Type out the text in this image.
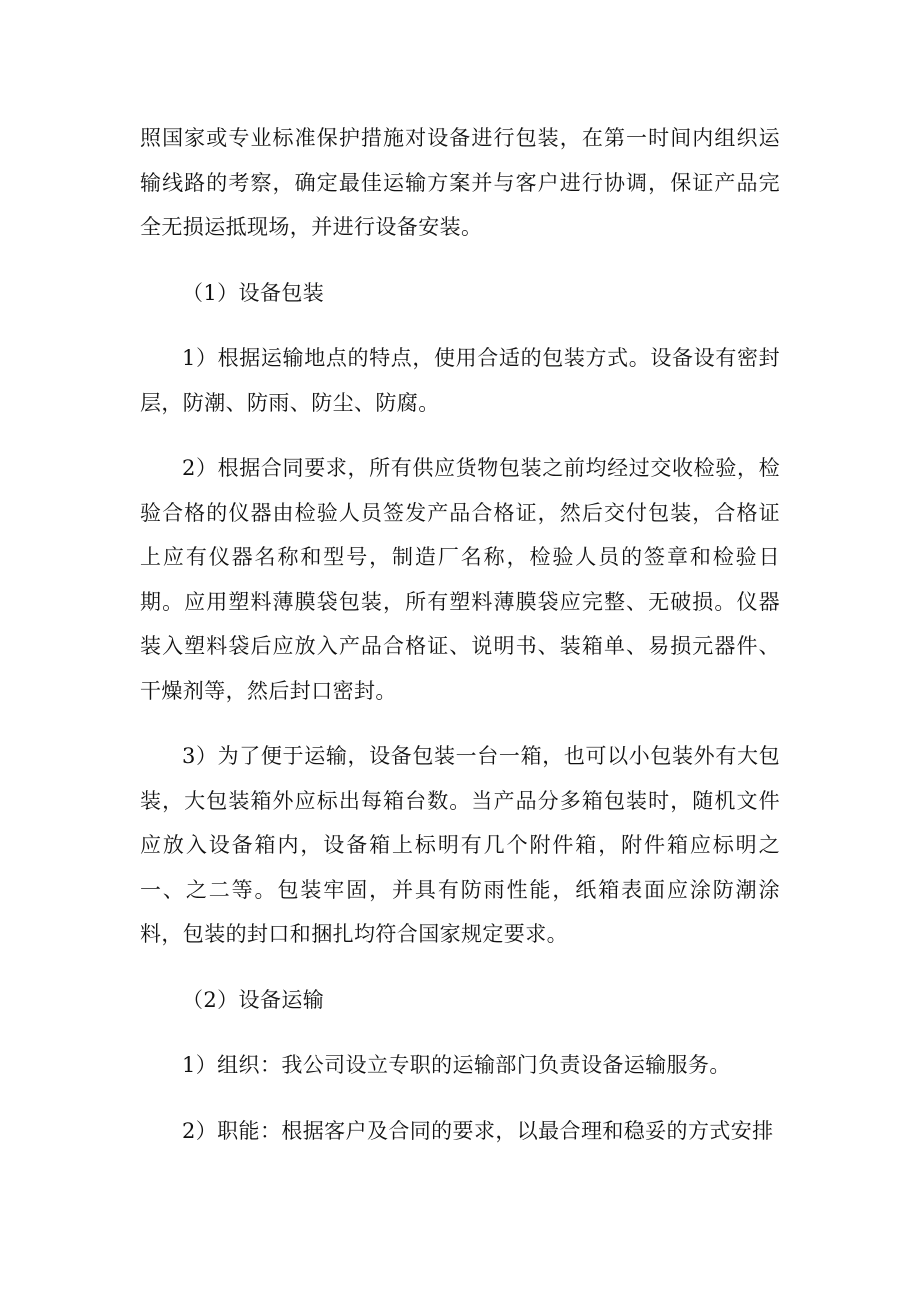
照国家或专业标准保护措施对设备进行包装，在第一时间内组织运输线路的考察，确定最佳运输方案并与客户进行协调，保证产品完全无损运抵现场，并进行设备安装。

（1）设备包装

1）根据运输地点的特点，使用合适的包装方式。设备设有密封层，防潮、防雨、防尘、防腐。

2）根据合同要求，所有供应货物包装之前均经过交收检验，检验合格的仪器由检验人员签发产品合格证，然后交付包装，合格证上应有仪器名称和型号，制造厂名称，检验人员的签章和检验日期。应用塑料薄膜袋包装，所有塑料薄膜袋应完整、无破损。仪器装入塑料袋后应放入产品合格证、说明书、装箱单、易损元器件、干燥剂等，然后封口密封。

3）为了便于运输，设备包装一台一箱，也可以小包装外有大包装，大包装箱外应标出每箱台数。当产品分多箱包装时，随机文件应放入设备箱内，设备箱上标明有几个附件箱，附件箱应标明之一、之二等。包装牢固，并具有防雨性能，纸箱表面应涂防潮涂料，包装的封口和捆扎均符合国家规定要求。

（2）设备运输

1）组织：我公司设立专职的运输部门负责设备运输服务。

2）职能：根据客户及合同的要求，以最合理和稳妥的方式安排
